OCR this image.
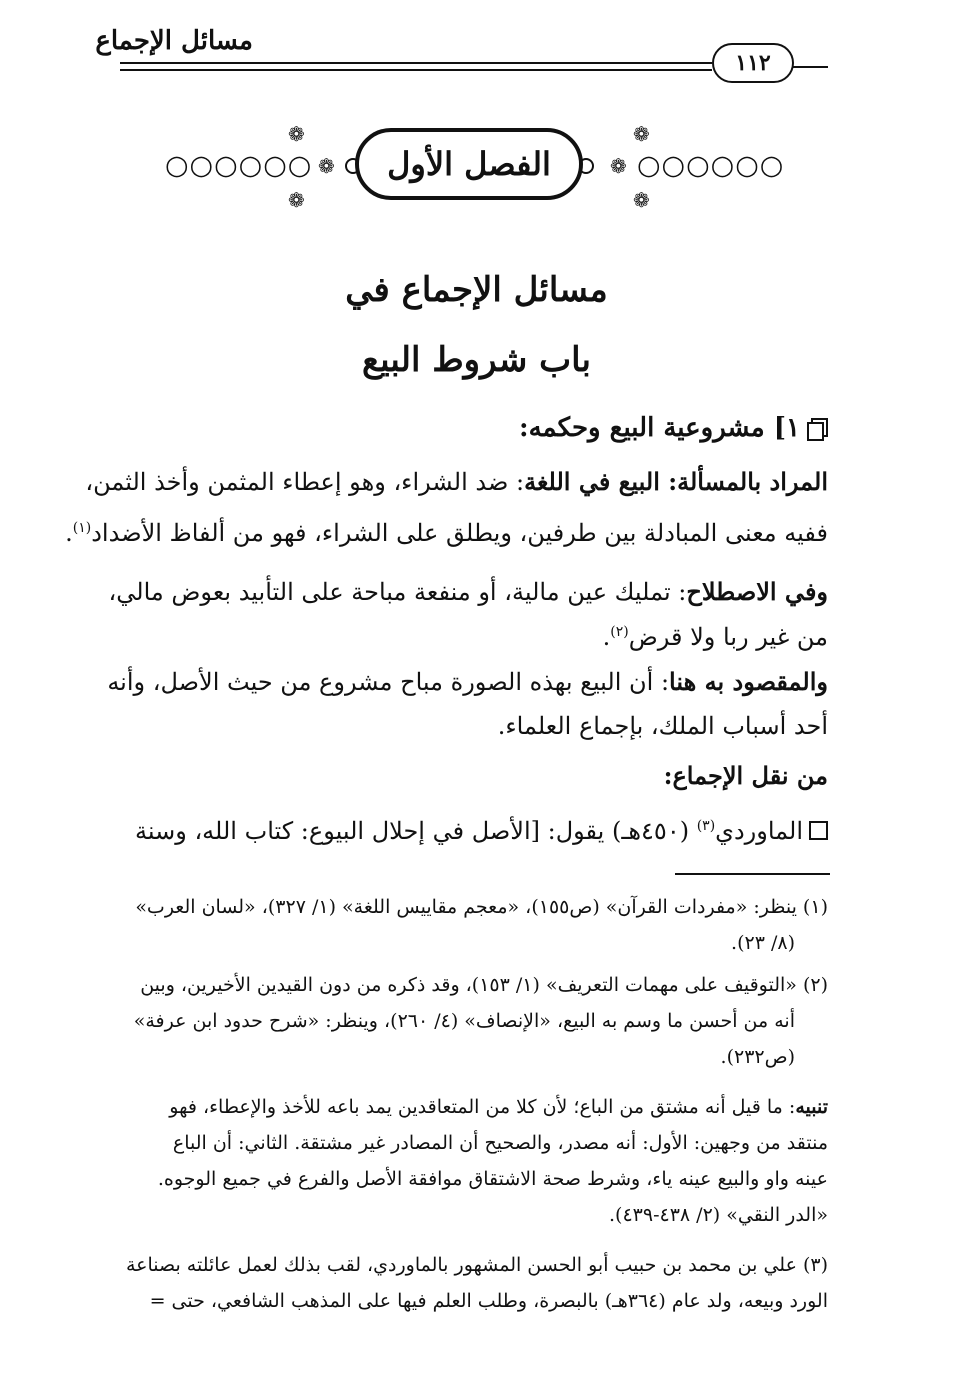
مسائل الإجماع
١١٢
❁
❁
❁
❁
❁	❁
○○○○○○	○○○○○○
الفصل الأول
مسائل الإجماع في
باب شروط البيع
١] مشروعية البيع وحكمه:
المراد بالمسألة: البيع في اللغة: ضد الشراء، وهو إعطاء المثمن وأخذ الثمن،
ففيه معنى المبادلة بين طرفين، ويطلق على الشراء، فهو من ألفاظ الأضداد$^{(١)}$.
وفي الاصطلاح: تمليك عين مالية، أو منفعة مباحة على التأبيد بعوض مالي،
من غير ربا ولا قرض$^{(٢)}$.
والمقصود به هنا: أن البيع بهذه الصورة مباح مشروع من حيث الأصل، وأنه
أحد أسباب الملك، بإجماع العلماء.
من نقل الإجماع:
الماوردي$^{(٣)}$ (٤٥٠هـ) يقول: [الأصل في إحلال البيوع: كتاب الله، وسنة
(١) ينظر: «مفردات القرآن» (ص١٥٥)، «معجم مقاييس اللغة» (١/ ٣٢٧)، «لسان العرب»
(٨/ ٢٣).
(٢) «التوقيف على مهمات التعريف» (١/ ١٥٣)، وقد ذكره من دون القيدين الأخيرين، وبين
أنه من أحسن ما وسم به البيع، «الإنصاف» (٤/ ٢٦٠)، وينظر: «شرح حدود ابن عرفة»
(ص٢٣٢).
تنبيه: ما قيل أنه مشتق من الباع؛ لأن كلا من المتعاقدين يمد باعه للأخذ والإعطاء، فهو
منتقد من وجهين: الأول: أنه مصدر، والصحيح أن المصادر غير مشتقة. الثاني: أن الباع
عينه واو والبيع عينه ياء، وشرط صحة الاشتقاق موافقة الأصل والفرع في جميع الوجوه.
«الدر النقي» (٢/ ٤٣٨-٤٣٩).
(٣) علي بن محمد بن حبيب أبو الحسن المشهور بالماوردي، لقب بذلك لعمل عائلته بصناعة
الورد وبيعه، ولد عام (٣٦٤هـ) بالبصرة، وطلب العلم فيها على المذهب الشافعي، حتى =
